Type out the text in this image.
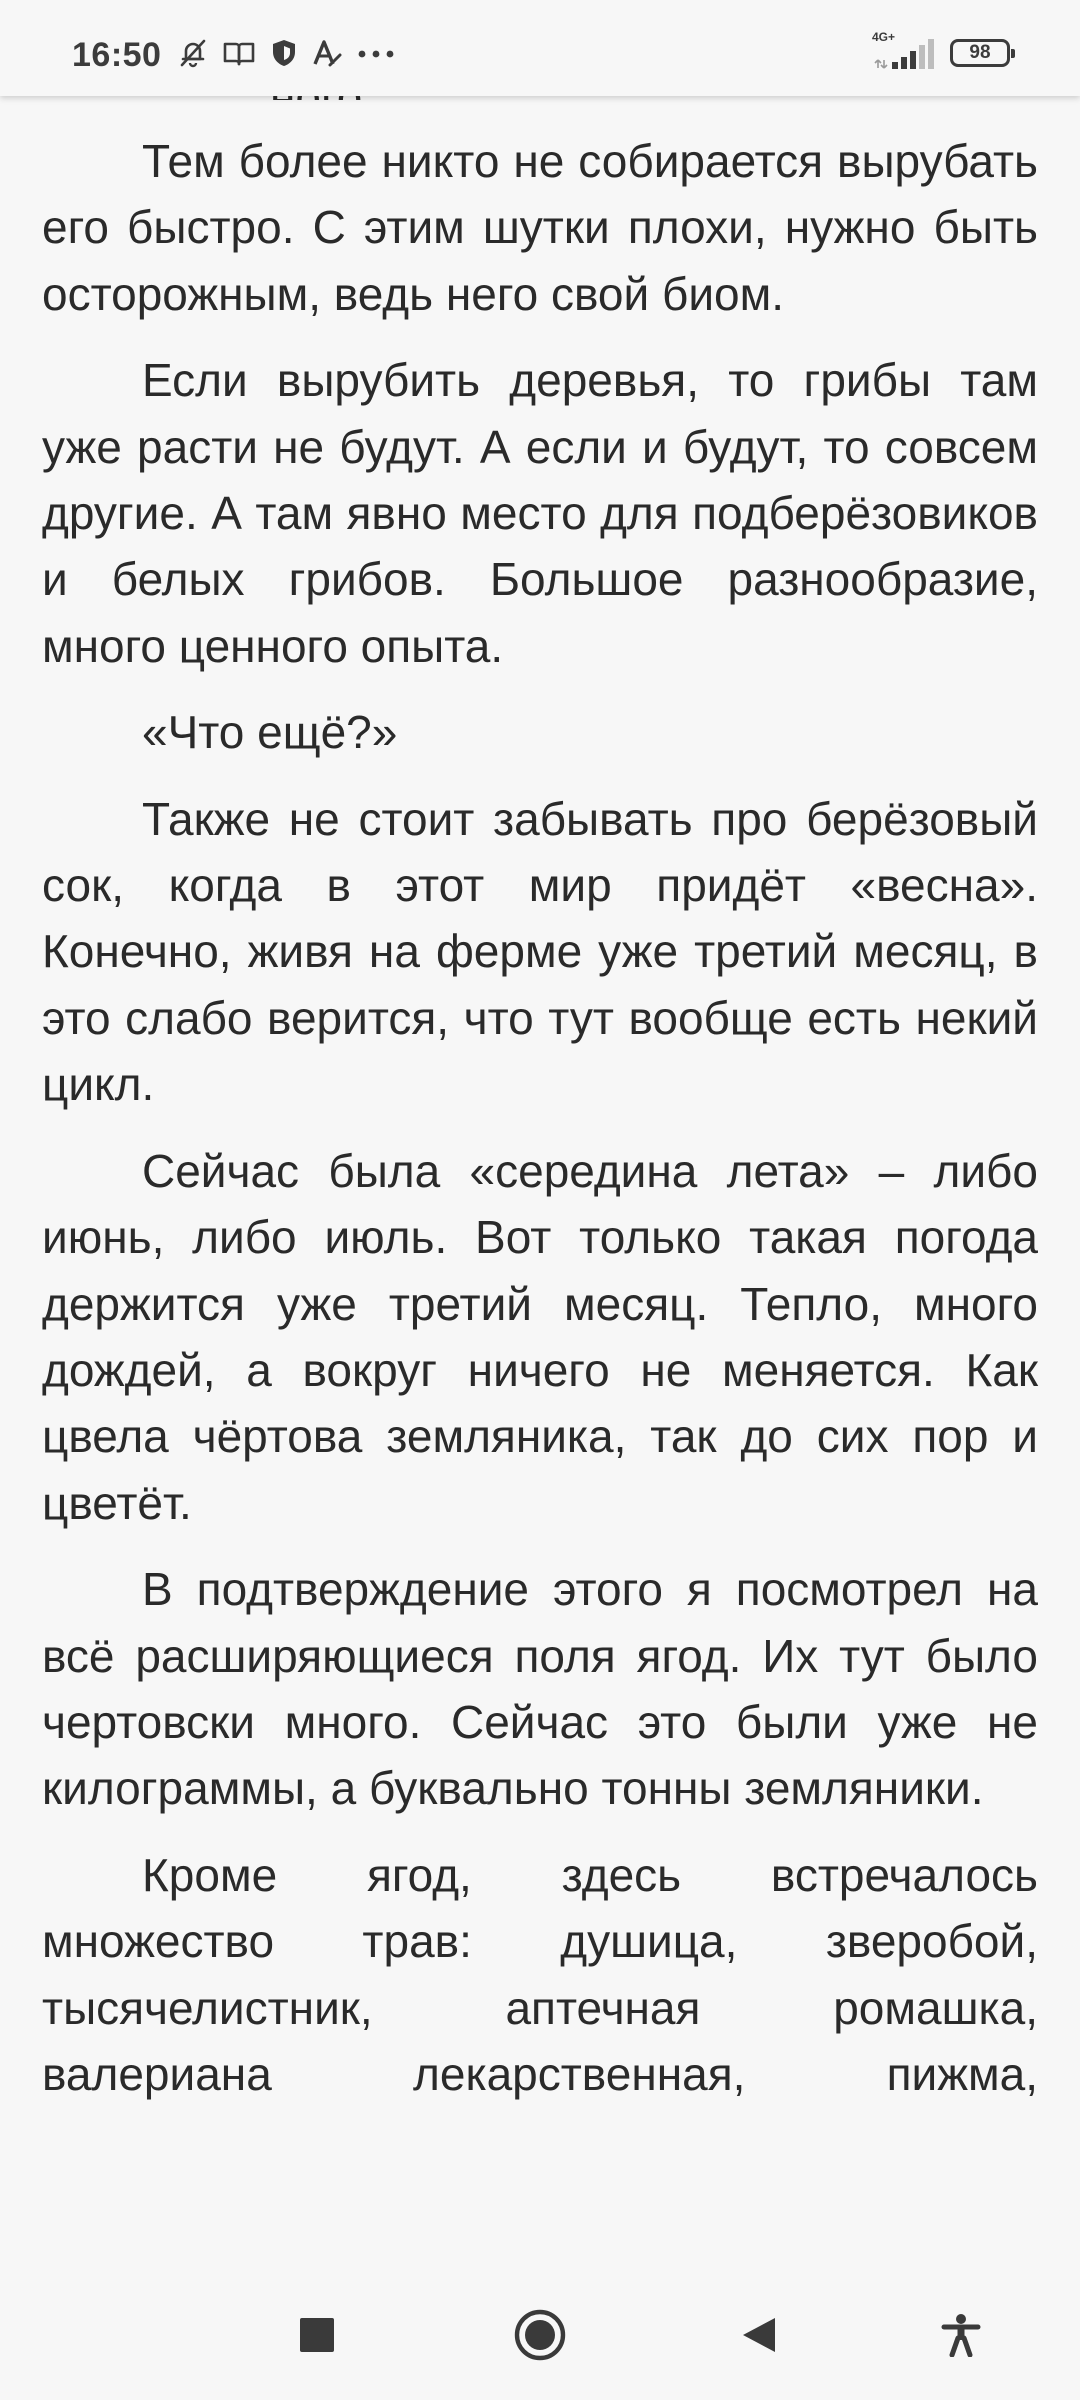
Тем более никто не собирается вырубать его быстро. С этим шутки плохи, нужно быть осторожным, ведь него свой биом.

Если вырубить деревья, то грибы там уже расти не будут. А если и будут, то совсем другие. А там явно место для подберёзовиков и белых грибов. Большое разнообразие, много ценного опыта.

«Что ещё?»

Также не стоит забывать про берёзовый сок, когда в этот мир придёт «весна». Конечно, живя на ферме уже третий месяц, в это слабо верится, что тут вообще есть некий цикл.

Сейчас была «середина лета» – либо июнь, либо июль. Вот только такая погода держится уже третий месяц. Тепло, много дождей, а вокруг ничего не меняется. Как цвела чёртова земляника, так до сих пор и цветёт.

В подтверждение этого я посмотрел на всё расширяющиеся поля ягод. Их тут было чертовски много. Сейчас это были уже не килограммы, а буквально тонны земляники.

Кроме ягод, здесь встречалось множество трав: душица, зверобой, тысячелистник, аптечная ромашка, валериана лекарственная, пижма,

16:50	4G+
98
